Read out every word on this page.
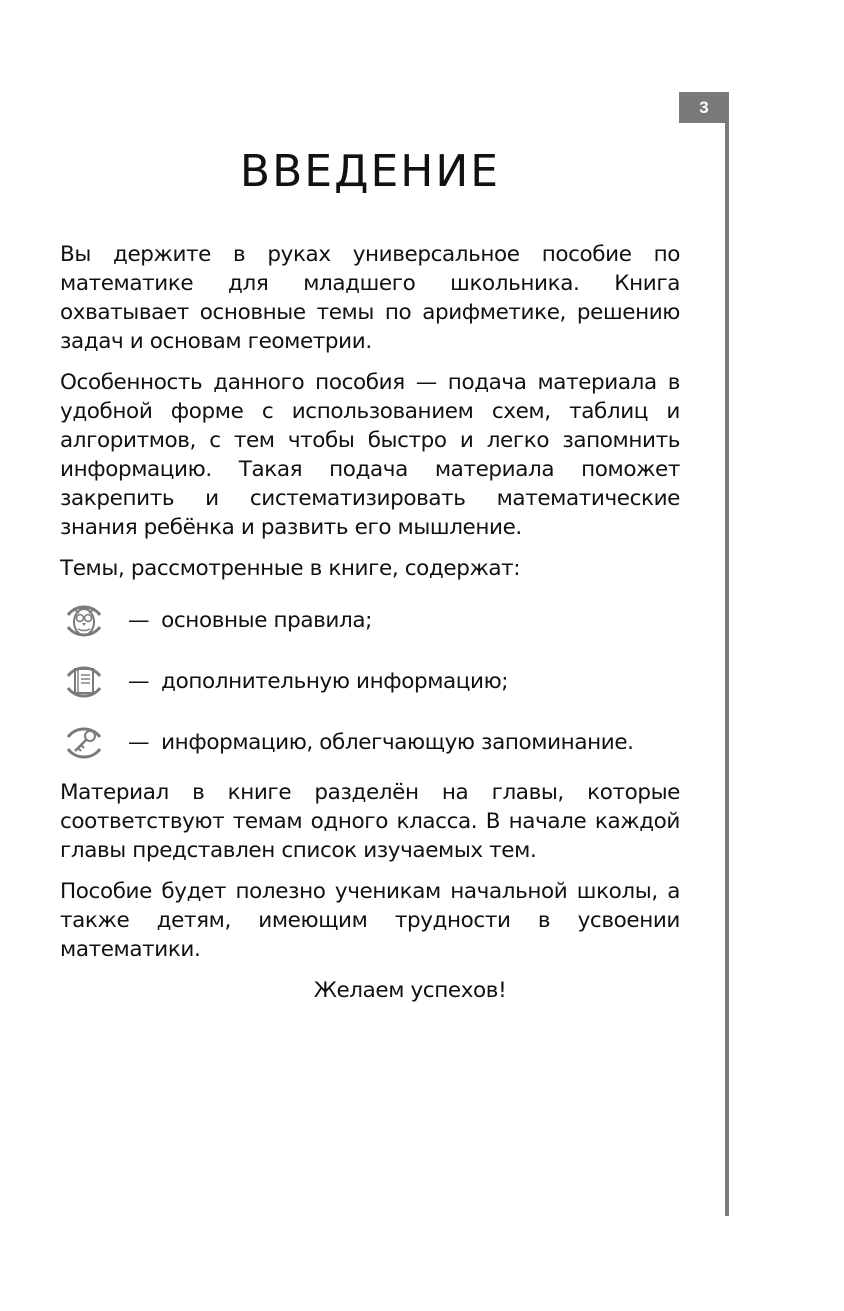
3
ВВЕДЕНИЕ

Вы держите в руках универсальное пособие по математике для младшего школьника. Книга охватывает основные темы по арифметике, решению задач и основам геометрии.

Особенность данного пособия — подача материала в удобной форме с использованием схем, таблиц и алгоритмов, с тем чтобы быстро и легко запомнить информацию. Такая подача материала поможет закрепить и систематизировать математические знания ребёнка и развить его мышление.

Темы, рассмотренные в книге, содержат:

— основные правила;
— дополнительную информацию;
— информацию, облегчающую запоминание.

Материал в книге разделён на главы, которые соответствуют темам одного класса. В начале каждой главы представлен список изучаемых тем.

Пособие будет полезно ученикам начальной школы, а также детям, имеющим трудности в усвоении математики.

Желаем успехов!
